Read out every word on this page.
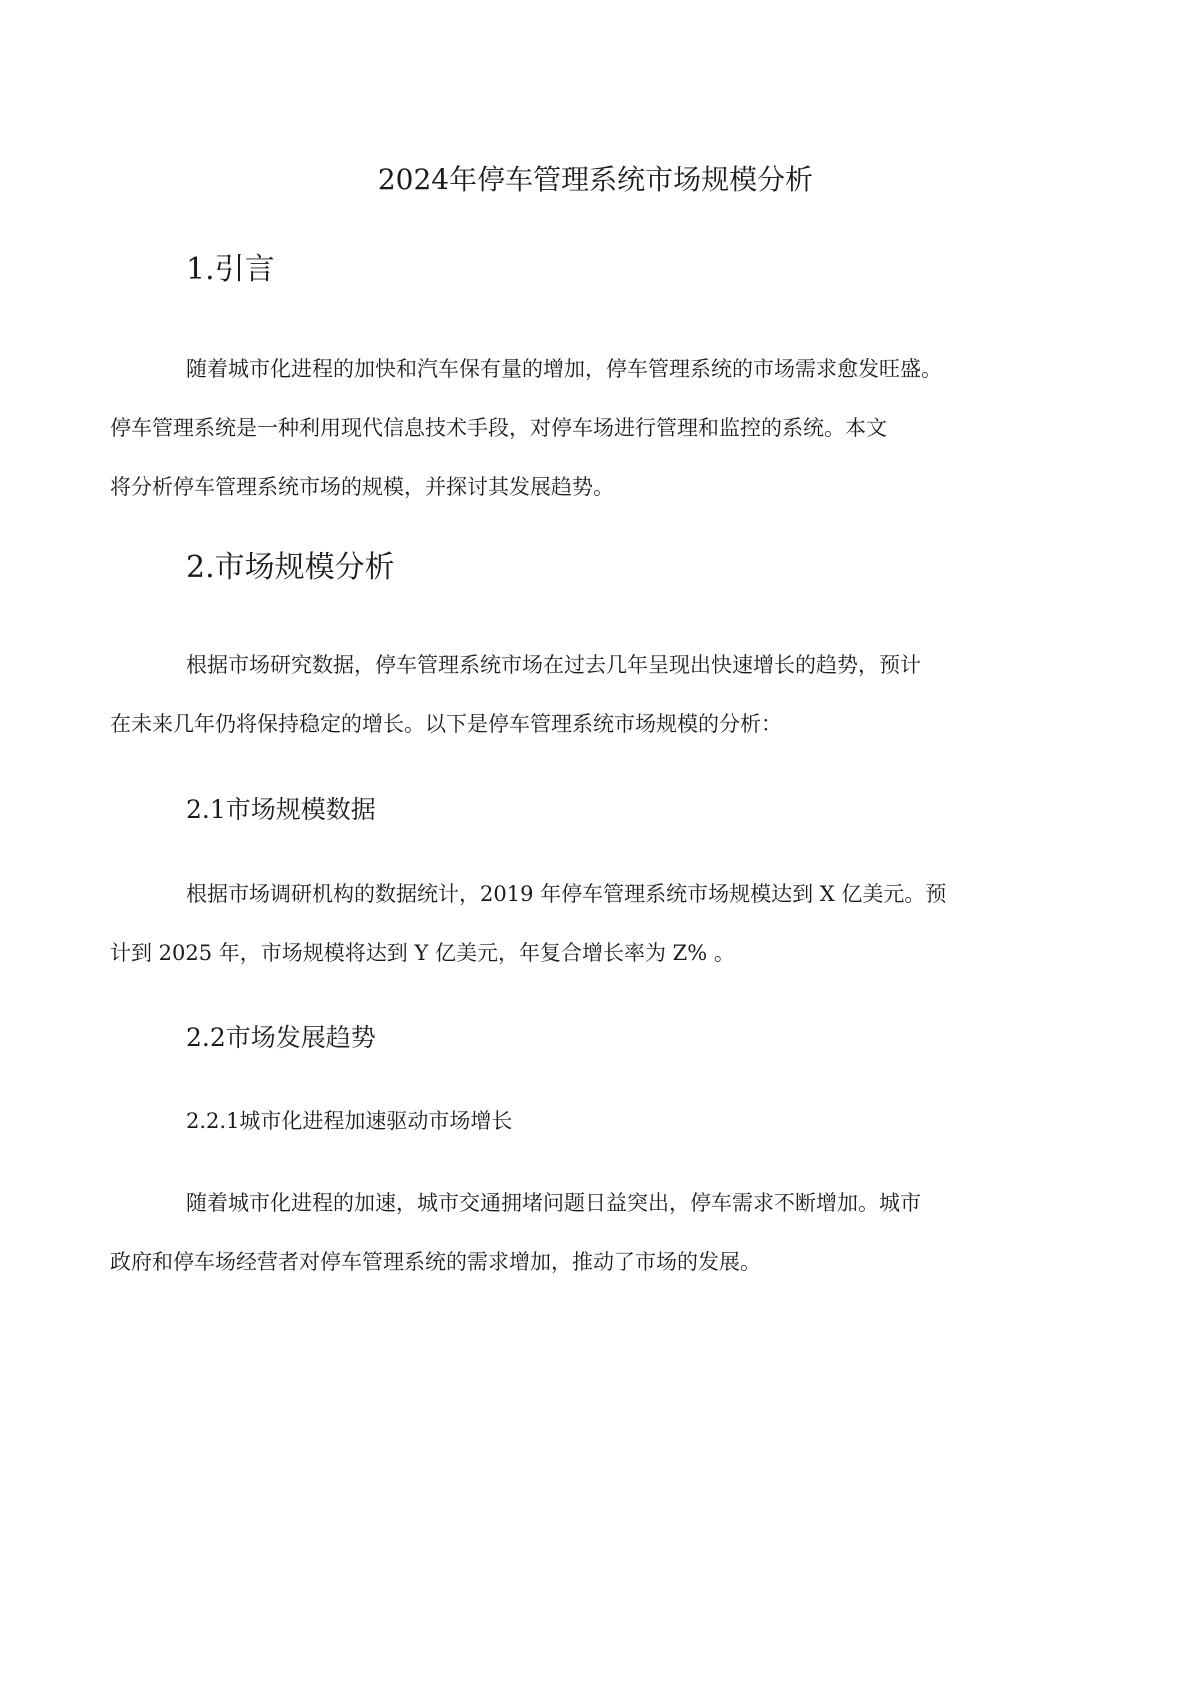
2024年停车管理系统市场规模分析
1.引言
随着城市化进程的加快和汽车保有量的增加，停车管理系统的市场需求愈发旺盛。
停车管理系统是一种利用现代信息技术手段，对停车场进行管理和监控的系统。本文
将分析停车管理系统市场的规模，并探讨其发展趋势。
2.市场规模分析
根据市场研究数据，停车管理系统市场在过去几年呈现出快速增长的趋势，预计
在未来几年仍将保持稳定的增长。以下是停车管理系统市场规模的分析：
2.1市场规模数据
根据市场调研机构的数据统计，2019 年停车管理系统市场规模达到 X 亿美元。预
计到 2025 年，市场规模将达到 Y 亿美元，年复合增长率为 Z% 。
2.2市场发展趋势
2.2.1城市化进程加速驱动市场增长
随着城市化进程的加速，城市交通拥堵问题日益突出，停车需求不断增加。城市
政府和停车场经营者对停车管理系统的需求增加，推动了市场的发展。
